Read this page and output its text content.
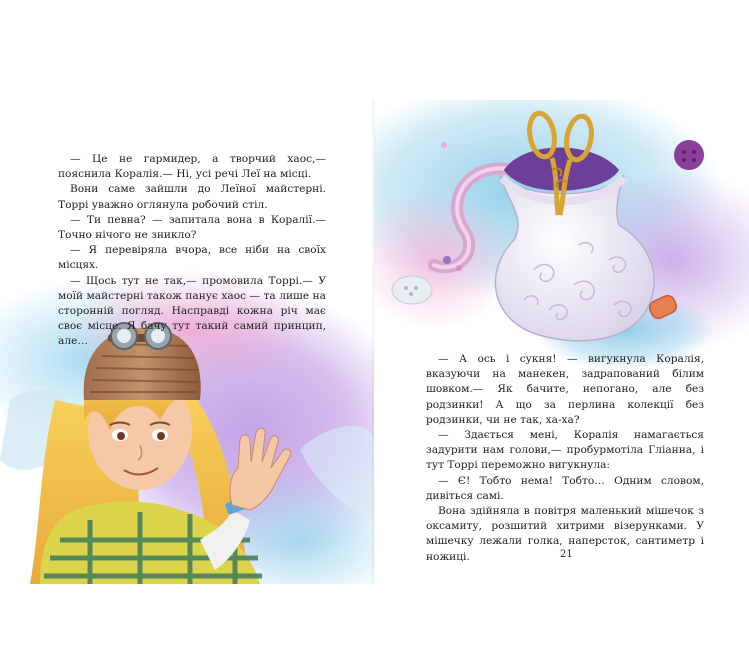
— Це не гармидер, а творчий хаос,— пояснила Коралія.— Ні, усі речі Леї на місці.

Вони саме зайшли до Леїної майстерні. Торрі уважно оглянула робочий стіл.

— Ти певна? — запитала вона в Коралії.— Точно нічого не зникло?

— Я перевіряла вчора, все ніби на своїх місцях.

— Щось тут не так,— промовила Торрі.— У моїй майстерні також панує хаос — та лише на сторонній погляд. Насправді кожна річ має своє місце. Я бачу тут такий самий принцип, але…

— А ось і сукня! — вигукнула Коралія, вказуючи на манекен, задрапований білим шовком.— Як бачите, непогано, але без родзинки! А що за перлина колекції без родзинки, чи не так, ха-ха?

— Здається мені, Коралія намагається задурити нам голови,— пробурмотіла Гліанна, і тут Торрі переможно вигукнула:

— Є! Тобто нема! Тобто… Одним словом, дивіться самі.

Вона здійняла в повітря маленький мішечок з оксамиту, розшитий хитрими візерунками. У мішечку лежали голка, наперсток, сантиметр і ножиці.	21
